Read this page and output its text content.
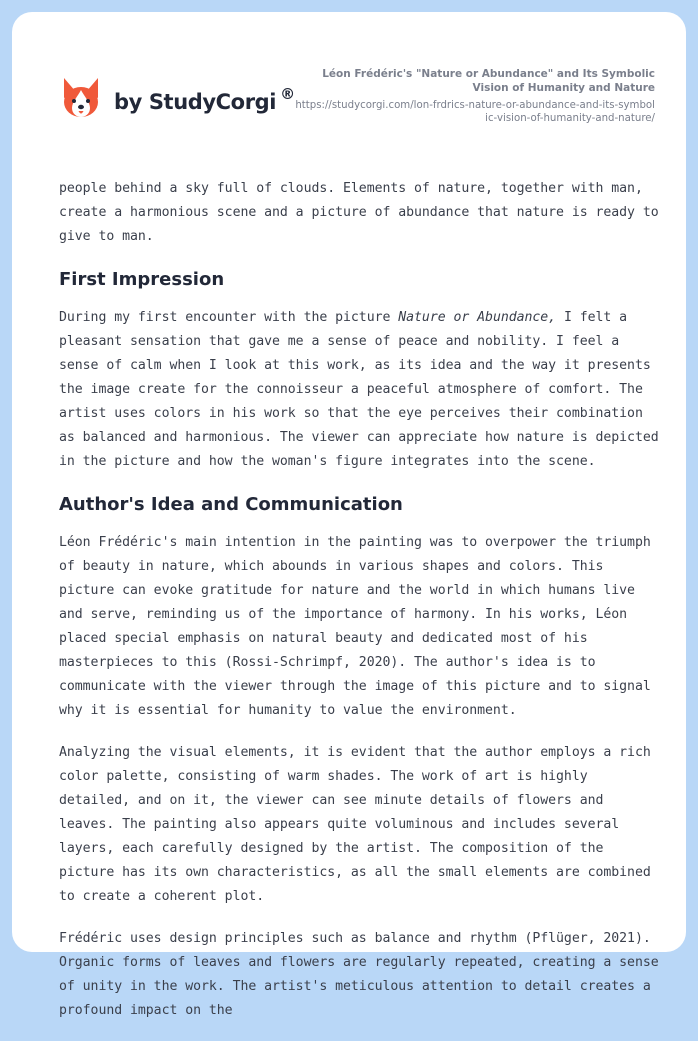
by StudyCorgi ®
Léon Frédéric's "Nature or Abundance" and Its Symbolic Vision of Humanity and Nature
https://studycorgi.com/lon-frdrics-nature-or-abundance-and-its-symbolic-vision-of-humanity-and-nature/

people behind a sky full of clouds. Elements of nature, together with man, create a harmonious scene and a picture of abundance that nature is ready to give to man.

First Impression

During my first encounter with the picture Nature or Abundance, I felt a pleasant sensation that gave me a sense of peace and nobility. I feel a sense of calm when I look at this work, as its idea and the way it presents the image create for the connoisseur a peaceful atmosphere of comfort. The artist uses colors in his work so that the eye perceives their combination as balanced and harmonious. The viewer can appreciate how nature is depicted in the picture and how the woman's figure integrates into the scene.

Author's Idea and Communication

Léon Frédéric's main intention in the painting was to overpower the triumph of beauty in nature, which abounds in various shapes and colors. This picture can evoke gratitude for nature and the world in which humans live and serve, reminding us of the importance of harmony. In his works, Léon placed special emphasis on natural beauty and dedicated most of his masterpieces to this (Rossi-Schrimpf, 2020). The author's idea is to communicate with the viewer through the image of this picture and to signal why it is essential for humanity to value the environment.

Analyzing the visual elements, it is evident that the author employs a rich color palette, consisting of warm shades. The work of art is highly detailed, and on it, the viewer can see minute details of flowers and leaves. The painting also appears quite voluminous and includes several layers, each carefully designed by the artist. The composition of the picture has its own characteristics, as all the small elements are combined to create a coherent plot.

Frédéric uses design principles such as balance and rhythm (Pflüger, 2021). Organic forms of leaves and flowers are regularly repeated, creating a sense of unity in the work. The artist's meticulous attention to detail creates a profound impact on the
